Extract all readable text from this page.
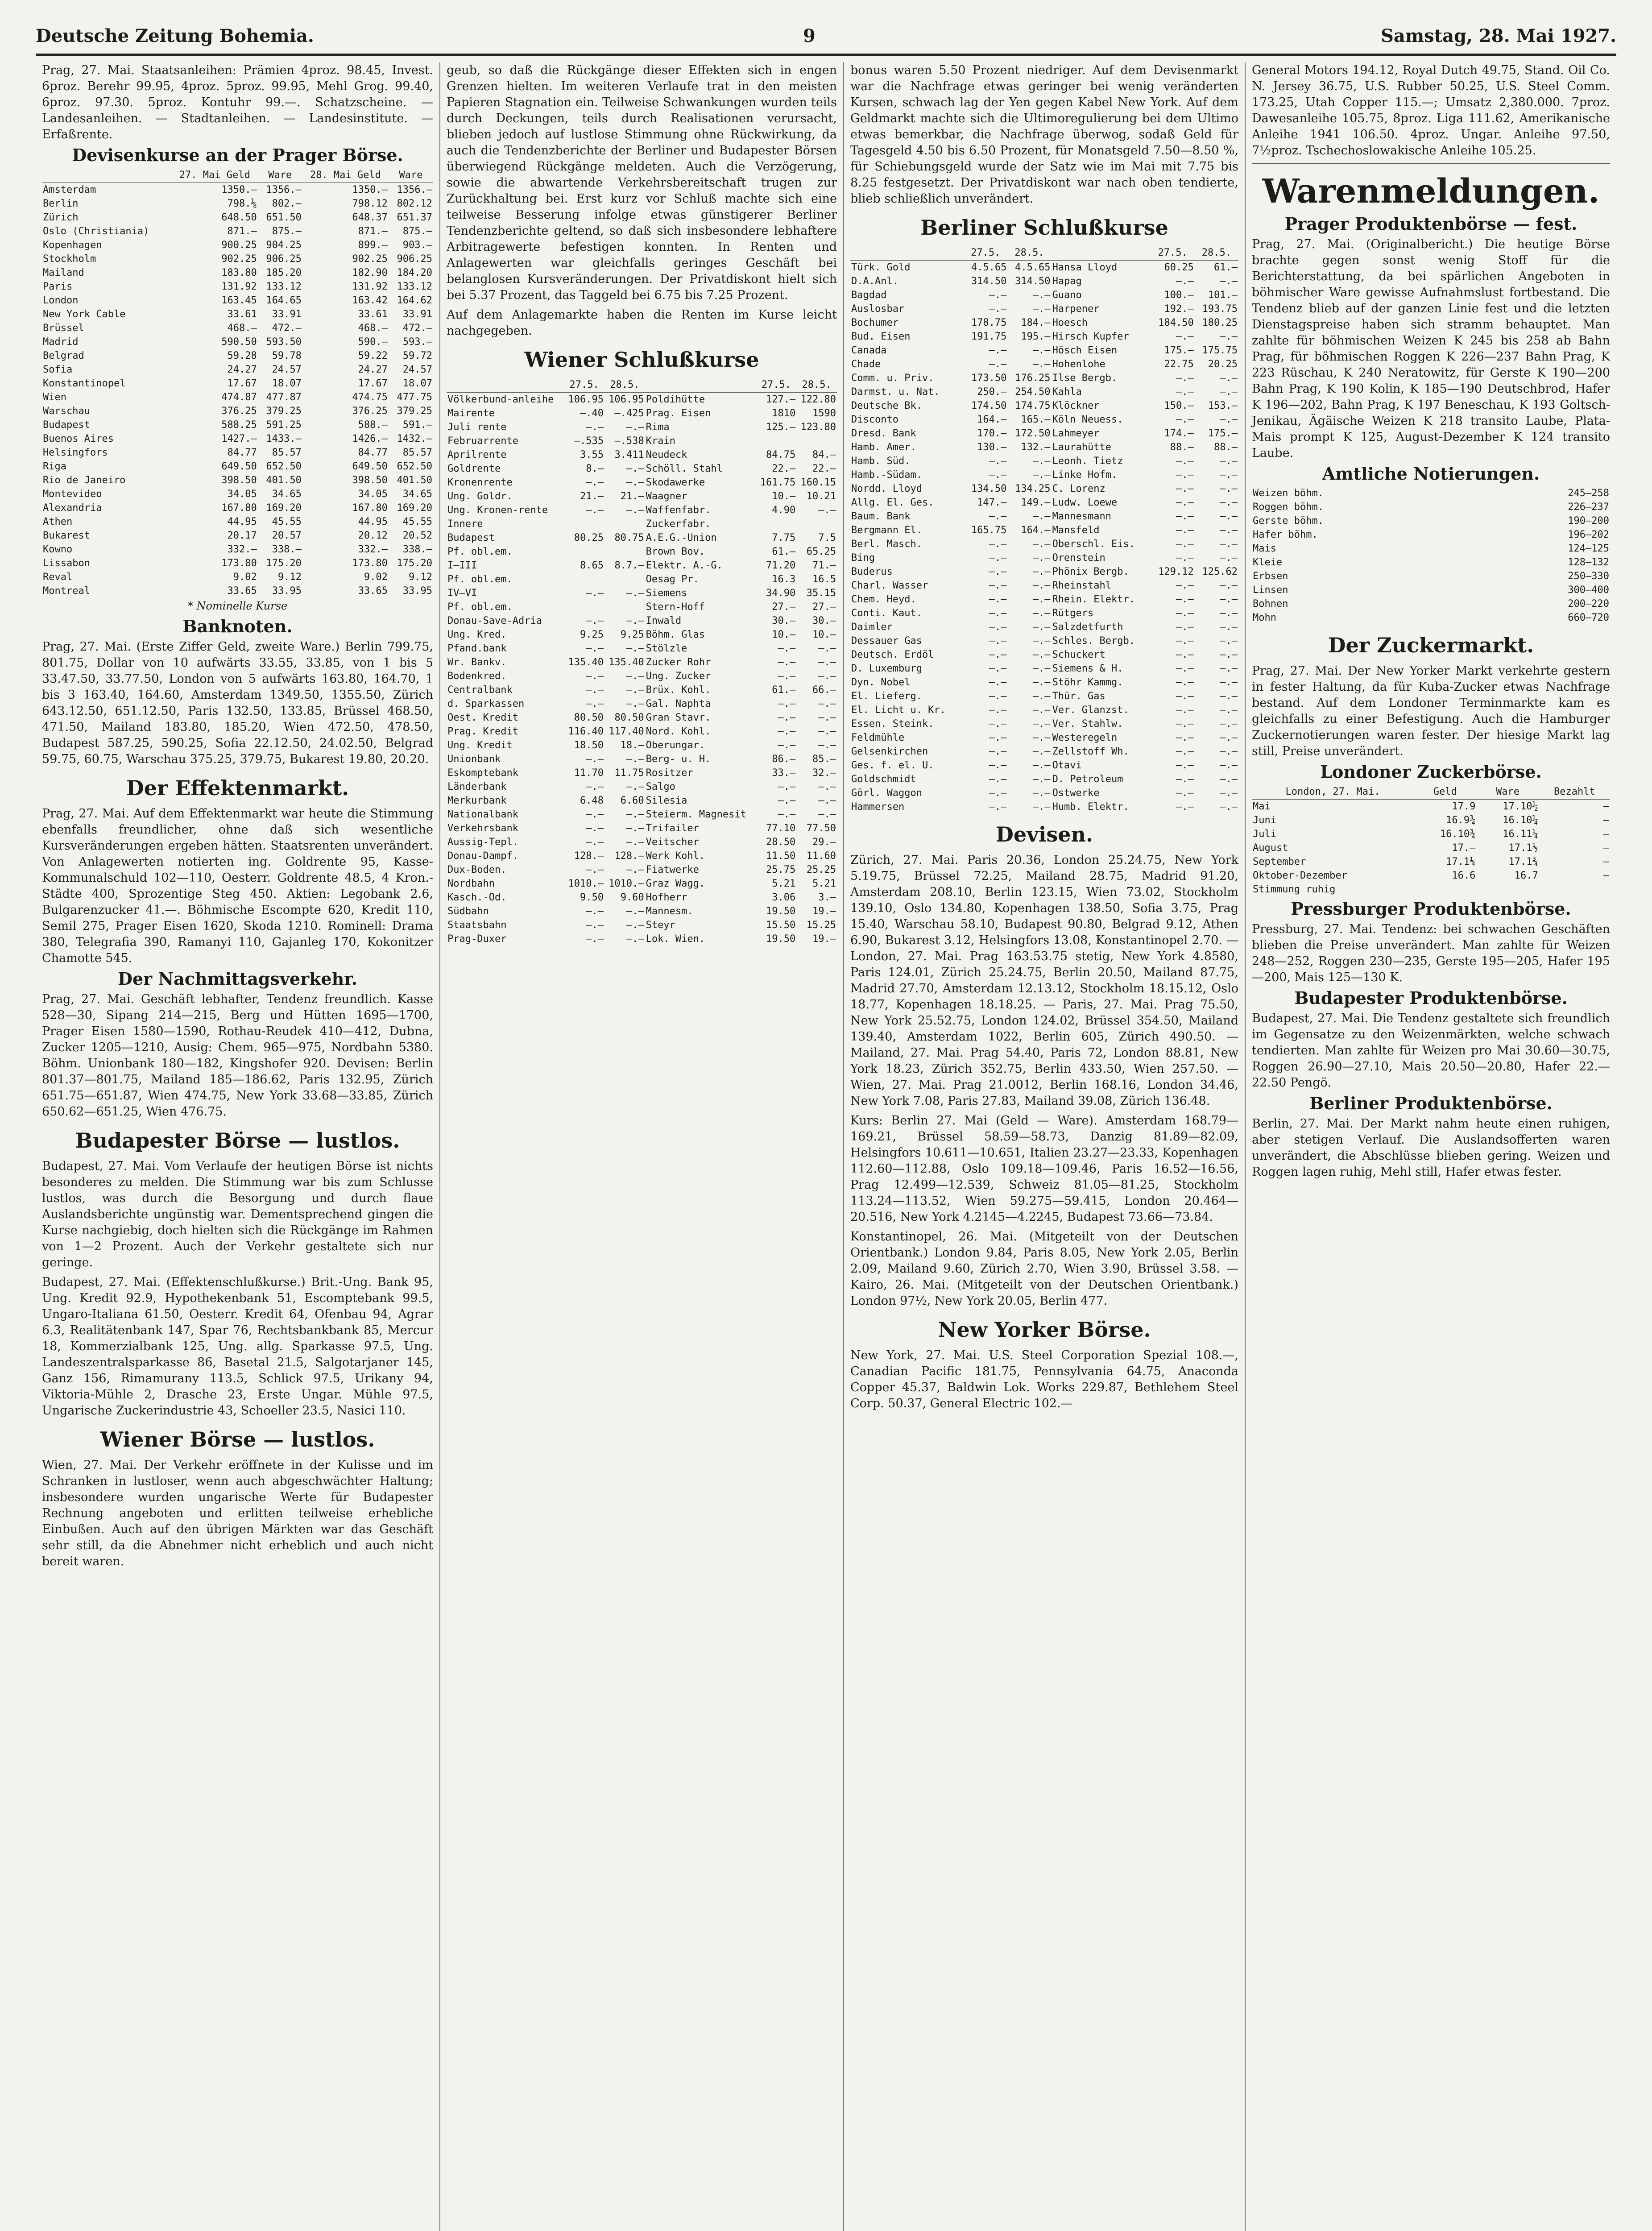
Deutsche Zeitung Bohemia.	9	Samstag, 28. Mai 1927.

Prag, 27. Mai. Staatsanleihen: Prämien 4proz. 98.45, Invest. 6proz. Berehr 99.95, 4proz. 5proz. 99.95, Mehl Grog. 99.40, 6proz. 97.30. 5proz. Kontuhr 99.—. Schatzscheine. — Landesanleihen. — Stadtanleihen. — Landesinstitute. — Erfaßrente.

Devisenkurse an der Prager Börse.
	27. Mai Geld	Ware	28. Mai Geld	Ware
Amsterdam	1350.—	1356.—	1350.—	1356.—
Berlin	798.⅛	802.—	798.12	802.12
Zürich	648.50	651.50	648.37	651.37
Oslo (Christiania)	871.—	875.—	871.—	875.—
Kopenhagen	900.25	904.25	899.—	903.—
Stockholm	902.25	906.25	902.25	906.25
Mailand	183.80	185.20	182.90	184.20
Paris	131.92	133.12	131.92	133.12
London	163.45	164.65	163.42	164.62
New York Cable	33.61	33.91	33.61	33.91
Brüssel	468.—	472.—	468.—	472.—
Madrid	590.50	593.50	590.—	593.—
Belgrad	59.28	59.78	59.22	59.72
Sofia	24.27	24.57	24.27	24.57
Konstantinopel	17.67	18.07	17.67	18.07
Wien	474.87	477.87	474.75	477.75
Warschau	376.25	379.25	376.25	379.25
Budapest	588.25	591.25	588.—	591.—
Buenos Aires	1427.—	1433.—	1426.—	1432.—
Helsingfors	84.77	85.57	84.77	85.57
Riga	649.50	652.50	649.50	652.50
Rio de Janeiro	398.50	401.50	398.50	401.50
Montevideo	34.05	34.65	34.05	34.65
Alexandria	167.80	169.20	167.80	169.20
Athen	44.95	45.55	44.95	45.55
Bukarest	20.17	20.57	20.12	20.52
Kowno	332.—	338.—	332.—	338.—
Lissabon	173.80	175.20	173.80	175.20
Reval	9.02	9.12	9.02	9.12
Montreal	33.65	33.95	33.65	33.95
* Nominelle Kurse
Banknoten.

Prag, 27. Mai. (Erste Ziffer Geld, zweite Ware.) Berlin 799.75, 801.75, Dollar von 10 aufwärts 33.55, 33.85, von 1 bis 5 33.47.50, 33.77.50, London von 5 aufwärts 163.80, 164.70, 1 bis 3 163.40, 164.60, Amsterdam 1349.50, 1355.50, Zürich 643.12.50, 651.12.50, Paris 132.50, 133.85, Brüssel 468.50, 471.50, Mailand 183.80, 185.20, Wien 472.50, 478.50, Budapest 587.25, 590.25, Sofia 22.12.50, 24.02.50, Belgrad 59.75, 60.75, Warschau 375.25, 379.75, Bukarest 19.80, 20.20.

Der Effektenmarkt.

Prag, 27. Mai. Auf dem Effektenmarkt war heute die Stimmung ebenfalls freundlicher, ohne daß sich wesentliche Kursveränderungen ergeben hätten. Staatsrenten unverändert. Von Anlagewerten notierten ing. Goldrente 95, Kasse-Kommunalschuld 102—110, Oesterr. Goldrente 48.5, 4 Kron.-Städte 400, Sprozentige Steg 450. Aktien: Legobank 2.6, Bulgarenzucker 41.—. Böhmische Escompte 620, Kredit 110, Semil 275, Prager Eisen 1620, Skoda 1210. Rominell: Drama 380, Telegrafia 390, Ramanyi 110, Gajanleg 170, Kokonitzer Chamotte 545.

Der Nachmittagsverkehr.

Prag, 27. Mai. Geschäft lebhafter, Tendenz freundlich. Kasse 528—30, Sipang 214—215, Berg und Hütten 1695—1700, Prager Eisen 1580—1590, Rothau-Reudek 410—412, Dubna, Zucker 1205—1210, Ausig: Chem. 965—975, Nordbahn 5380. Böhm. Unionbank 180—182, Kingshofer 920. Devisen: Berlin 801.37—801.75, Mailand 185—186.62, Paris 132.95, Zürich 651.75—651.87, Wien 474.75, New York 33.68—33.85, Zürich 650.62—651.25, Wien 476.75.

Budapester Börse — lustlos.

Budapest, 27. Mai. Vom Verlaufe der heutigen Börse ist nichts besonderes zu melden. Die Stimmung war bis zum Schlusse lustlos, was durch die Besorgung und durch flaue Auslandsberichte ungünstig war. Dementsprechend gingen die Kurse nachgiebig, doch hielten sich die Rückgänge im Rahmen von 1—2 Prozent. Auch der Verkehr gestaltete sich nur geringe.

Budapest, 27. Mai. (Effektenschlußkurse.) Brit.-Ung. Bank 95, Ung. Kredit 92.9, Hypothekenbank 51, Escomptebank 99.5, Ungaro-Italiana 61.50, Oesterr. Kredit 64, Ofenbau 94, Agrar 6.3, Realitätenbank 147, Spar 76, Rechtsbankbank 85, Mercur 18, Kommerzialbank 125, Ung. allg. Sparkasse 97.5, Ung. Landeszentralsparkasse 86, Basetal 21.5, Salgotarjaner 145, Ganz 156, Rimamurany 113.5, Schlick 97.5, Urikany 94, Viktoria-Mühle 2, Drasche 23, Erste Ungar. Mühle 97.5, Ungarische Zuckerindustrie 43, Schoeller 23.5, Nasici 110.

Wiener Börse — lustlos.

Wien, 27. Mai. Der Verkehr eröffnete in der Kulisse und im Schranken in lustloser, wenn auch abgeschwächter Haltung; insbesondere wurden ungarische Werte für Budapester Rechnung angeboten und erlitten teilweise erhebliche Einbußen. Auch auf den übrigen Märkten war das Geschäft sehr still, da die Abnehmer nicht erheblich und auch nicht bereit waren.

geub, so daß die Rückgänge dieser Effekten sich in engen Grenzen hielten. Im weiteren Verlaufe trat in den meisten Papieren Stagnation ein. Teilweise Schwankungen wurden teils durch Deckungen, teils durch Realisationen verursacht, blieben jedoch auf lustlose Stimmung ohne Rückwirkung, da auch die Tendenzberichte der Berliner und Budapester Börsen überwiegend Rückgänge meldeten. Auch die Verzögerung, sowie die abwartende Verkehrsbereitschaft trugen zur Zurückhaltung bei. Erst kurz vor Schluß machte sich eine teilweise Besserung infolge etwas günstigerer Berliner Tendenzberichte geltend, so daß sich insbesondere lebhaftere Arbitragewerte befestigen konnten. In Renten und Anlagewerten war gleichfalls geringes Geschäft bei belanglosen Kursveränderungen. Der Privatdiskont hielt sich bei 5.37 Prozent, das Taggeld bei 6.75 bis 7.25 Prozent.

Auf dem Anlagemarkte haben die Renten im Kurse leicht nachgegeben.

Wiener Schlußkurse
	27.5.	28.5.		27.5.	28.5.
Völkerbund-anleihe	106.95	106.95	Poldihütte	127.—	122.80
Mairente	—.40	—.425	Prag. Eisen	1810	1590
Juli rente	—.—	—.—	Rima	125.—	123.80
Februarrente	—.535	—.538	Krain		
Aprilrente	3.55	3.411	Neudeck	84.75	84.—
Goldrente	8.—	—.—	Schöll. Stahl	22.—	22.—
Kronenrente	—.—	—.—	Skodawerke	161.75	160.15
Ung. Goldr.	21.—	21.—	Waagner	10.—	10.21
Ung. Kronen-rente	—.—	—.—	Waffenfabr.	4.90	—.—
Innere			Zuckerfabr.		
Budapest	80.25	80.75	A.E.G.-Union	7.75	7.5
Pf. obl.em.			Brown Bov.	61.—	65.25
I—III	8.65	8.7.—	Elektr. A.-G.	71.20	71.—
Pf. obl.em.			Oesag Pr.	16.3	16.5
IV—VI	—.—	—.—	Siemens	34.90	35.15
Pf. obl.em.			Stern-Hoff	27.—	27.—
Donau-Save-Adria	—.—	—.—	Inwald	30.—	30.—
Ung. Kred.	9.25	9.25	Böhm. Glas	10.—	10.—
Pfand.bank	—.—	—.—	Stölzle	—.—	—.—
Wr. Bankv.	135.40	135.40	Zucker Rohr	—.—	—.—
Bodenkred.	—.—	—.—	Ung. Zucker	—.—	—.—
Centralbank	—.—	—.—	Brüx. Kohl.	61.—	66.—
d. Sparkassen	—.—	—.—	Gal. Naphta	—.—	—.—
Oest. Kredit	80.50	80.50	Gran Stavr.	—.—	—.—
Prag. Kredit	116.40	117.40	Nord. Kohl.	—.—	—.—
Ung. Kredit	18.50	18.—	Oberungar.	—.—	—.—
Unionbank	—.—	—.—	Berg- u. H.	86.—	85.—
Eskomptebank	11.70	11.75	Rositzer	33.—	32.—
Länderbank	—.—	—.—	Salgo	—.—	—.—
Merkurbank	6.48	6.60	Silesia	—.—	—.—
Nationalbank	—.—	—.—	Steierm. Magnesit	—.—	—.—
Verkehrsbank	—.—	—.—	Trifailer	77.10	77.50
Aussig-Tepl.	—.—	—.—	Veitscher	28.50	29.—
Donau-Dampf.	128.—	128.—	Werk Kohl.	11.50	11.60
Dux-Boden.	—.—	—.—	Fiatwerke	25.75	25.25
Nordbahn	1010.—	1010.—	Graz Wagg.	5.21	5.21
Kasch.-Od.	9.50	9.60	Hofherr	3.06	3.—
Südbahn	—.—	—.—	Mannesm.	19.50	19.—
Staatsbahn	—.—	—.—	Steyr	15.50	15.25
Prag-Duxer	—.—	—.—	Lok. Wien.	19.50	19.—

bonus waren 5.50 Prozent niedriger. Auf dem Devisenmarkt war die Nachfrage etwas geringer bei wenig veränderten Kursen, schwach lag der Yen gegen Kabel New York. Auf dem Geldmarkt machte sich die Ultimoregulierung bei dem Ultimo etwas bemerkbar, die Nachfrage überwog, sodaß Geld für Tagesgeld 4.50 bis 6.50 Prozent, für Monatsgeld 7.50—8.50 %, für Schiebungsgeld wurde der Satz wie im Mai mit 7.75 bis 8.25 festgesetzt. Der Privatdiskont war nach oben tendierte, blieb schließlich unverändert.

Berliner Schlußkurse
	27.5.	28.5.		27.5.	28.5.
Türk. Gold	4.5.65	4.5.65	Hansa Lloyd	60.25	61.—
D.A.Anl.	314.50	314.50	Hapag	—.—	—.—
Bagdad	—.—	—.—	Guano	100.—	101.—
Auslosbar	—.—	—.—	Harpener	192.—	193.75
Bochumer	178.75	184.—	Hoesch	184.50	180.25
Bud. Eisen	191.75	195.—	Hirsch Kupfer	—.—	—.—
Canada	—.—	—.—	Hösch Eisen	175.—	175.75
Chade	—.—	—.—	Hohenlohe	22.75	20.25
Comm. u. Priv.	173.50	176.25	Ilse Bergb.	—.—	—.—
Darmst. u. Nat.	250.—	254.50	Kahla	—.—	—.—
Deutsche Bk.	174.50	174.75	Klöckner	150.—	153.—
Disconto	164.—	165.—	Köln Neuess.	—.—	—.—
Dresd. Bank	170.—	172.50	Lahmeyer	174.—	175.—
Hamb. Amer.	130.—	132.—	Laurahütte	88.—	88.—
Hamb. Süd.	—.—	—.—	Leonh. Tietz	—.—	—.—
Hamb.-Südam.	—.—	—.—	Linke Hofm.	—.—	—.—
Nordd. Lloyd	134.50	134.25	C. Lorenz	—.—	—.—
Allg. El. Ges.	147.—	149.—	Ludw. Loewe	—.—	—.—
Baum. Bank	—.—	—.—	Mannesmann	—.—	—.—
Bergmann El.	165.75	164.—	Mansfeld	—.—	—.—
Berl. Masch.	—.—	—.—	Oberschl. Eis.	—.—	—.—
Bing	—.—	—.—	Orenstein	—.—	—.—
Buderus	—.—	—.—	Phönix Bergb.	129.12	125.62
Charl. Wasser	—.—	—.—	Rheinstahl	—.—	—.—
Chem. Heyd.	—.—	—.—	Rhein. Elektr.	—.—	—.—
Conti. Kaut.	—.—	—.—	Rütgers	—.—	—.—
Daimler	—.—	—.—	Salzdetfurth	—.—	—.—
Dessauer Gas	—.—	—.—	Schles. Bergb.	—.—	—.—
Deutsch. Erdöl	—.—	—.—	Schuckert	—.—	—.—
D. Luxemburg	—.—	—.—	Siemens & H.	—.—	—.—
Dyn. Nobel	—.—	—.—	Stöhr Kammg.	—.—	—.—
El. Lieferg.	—.—	—.—	Thür. Gas	—.—	—.—
El. Licht u. Kr.	—.—	—.—	Ver. Glanzst.	—.—	—.—
Essen. Steink.	—.—	—.—	Ver. Stahlw.	—.—	—.—
Feldmühle	—.—	—.—	Westeregeln	—.—	—.—
Gelsenkirchen	—.—	—.—	Zellstoff Wh.	—.—	—.—
Ges. f. el. U.	—.—	—.—	Otavi	—.—	—.—
Goldschmidt	—.—	—.—	D. Petroleum	—.—	—.—
Görl. Waggon	—.—	—.—	Ostwerke	—.—	—.—
Hammersen	—.—	—.—	Humb. Elektr.	—.—	—.—
Devisen.

Zürich, 27. Mai. Paris 20.36, London 25.24.75, New York 5.19.75, Brüssel 72.25, Mailand 28.75, Madrid 91.20, Amsterdam 208.10, Berlin 123.15, Wien 73.02, Stockholm 139.10, Oslo 134.80, Kopenhagen 138.50, Sofia 3.75, Prag 15.40, Warschau 58.10, Budapest 90.80, Belgrad 9.12, Athen 6.90, Bukarest 3.12, Helsingfors 13.08, Konstantinopel 2.70. — London, 27. Mai. Prag 163.53.75 stetig, New York 4.8580, Paris 124.01, Zürich 25.24.75, Berlin 20.50, Mailand 87.75, Madrid 27.70, Amsterdam 12.13.12, Stockholm 18.15.12, Oslo 18.77, Kopenhagen 18.18.25. — Paris, 27. Mai. Prag 75.50, New York 25.52.75, London 124.02, Brüssel 354.50, Mailand 139.40, Amsterdam 1022, Berlin 605, Zürich 490.50. — Mailand, 27. Mai. Prag 54.40, Paris 72, London 88.81, New York 18.23, Zürich 352.75, Berlin 433.50, Wien 257.50. — Wien, 27. Mai. Prag 21.0012, Berlin 168.16, London 34.46, New York 7.08, Paris 27.83, Mailand 39.08, Zürich 136.48.

Kurs: Berlin 27. Mai (Geld — Ware). Amsterdam 168.79—169.21, Brüssel 58.59—58.73, Danzig 81.89—82.09, Helsingfors 10.611—10.651, Italien 23.27—23.33, Kopenhagen 112.60—112.88, Oslo 109.18—109.46, Paris 16.52—16.56, Prag 12.499—12.539, Schweiz 81.05—81.25, Stockholm 113.24—113.52, Wien 59.275—59.415, London 20.464—20.516, New York 4.2145—4.2245, Budapest 73.66—73.84.

Konstantinopel, 26. Mai. (Mitgeteilt von der Deutschen Orientbank.) London 9.84, Paris 8.05, New York 2.05, Berlin 2.09, Mailand 9.60, Zürich 2.70, Wien 3.90, Brüssel 3.58. — Kairo, 26. Mai. (Mitgeteilt von der Deutschen Orientbank.) London 97½, New York 20.05, Berlin 477.

New Yorker Börse.

New York, 27. Mai. U.S. Steel Corporation Spezial 108.—, Canadian Pacific 181.75, Pennsylvania 64.75, Anaconda Copper 45.37, Baldwin Lok. Works 229.87, Bethlehem Steel Corp. 50.37, General Electric 102.—

General Motors 194.12, Royal Dutch 49.75, Stand. Oil Co. N. Jersey 36.75, U.S. Rubber 50.25, U.S. Steel Comm. 173.25, Utah Copper 115.—; Umsatz 2,380.000. 7proz. Dawesanleihe 105.75, 8proz. Liga 111.62, Amerikanische Anleihe 1941 106.50. 4proz. Ungar. Anleihe 97.50, 7½proz. Tschechoslowakische Anleihe 105.25.

Warenmeldungen.
Prager Produktenbörse — fest.

Prag, 27. Mai. (Originalbericht.) Die heutige Börse brachte gegen sonst wenig Stoff für die Berichterstattung, da bei spärlichen Angeboten in böhmischer Ware gewisse Aufnahmslust fortbestand. Die Tendenz blieb auf der ganzen Linie fest und die letzten Dienstagspreise haben sich stramm behauptet. Man zahlte für böhmischen Weizen K 245 bis 258 ab Bahn Prag, für böhmischen Roggen K 226—237 Bahn Prag, K 223 Rüschau, K 240 Neratowitz, für Gerste K 190—200 Bahn Prag, K 190 Kolin, K 185—190 Deutschbrod, Hafer K 196—202, Bahn Prag, K 197 Beneschau, K 193 Goltsch-Jenikau, Ägäische Weizen K 218 transito Laube, Plata-Mais prompt K 125, August-Dezember K 124 transito Laube.

Amtliche Notierungen.
Weizen böhm.	245—258
Roggen böhm.	226—237
Gerste böhm.	190—200
Hafer böhm.	196—202
Mais	124—125
Kleie	128—132
Erbsen	250—330
Linsen	300—400
Bohnen	200—220
Mohn	660—720
Der Zuckermarkt.

Prag, 27. Mai. Der New Yorker Markt verkehrte gestern in fester Haltung, da für Kuba-Zucker etwas Nachfrage bestand. Auf dem Londoner Terminmarkte kam es gleichfalls zu einer Befestigung. Auch die Hamburger Zuckernotierungen waren fester. Der hiesige Markt lag still, Preise unverändert.

Londoner Zuckerbörse.
London, 27. Mai.	Geld	Ware	Bezahlt
Mai	17.9	17.10½	—
Juni	16.9¾	16.10¼	—
Juli	16.10¾	16.11¼	—
August	17.—	17.1½	—
September	17.1¼	17.1¾	—
Oktober-Dezember	16.6	16.7	—
Stimmung ruhig			
Pressburger Produktenbörse.

Pressburg, 27. Mai. Tendenz: bei schwachen Geschäften blieben die Preise unverändert. Man zahlte für Weizen 248—252, Roggen 230—235, Gerste 195—205, Hafer 195—200, Mais 125—130 K.

Budapester Produktenbörse.

Budapest, 27. Mai. Die Tendenz gestaltete sich freundlich im Gegensatze zu den Weizenmärkten, welche schwach tendierten. Man zahlte für Weizen pro Mai 30.60—30.75, Roggen 26.90—27.10, Mais 20.50—20.80, Hafer 22.—22.50 Pengö.

Berliner Produktenbörse.

Berlin, 27. Mai. Der Markt nahm heute einen ruhigen, aber stetigen Verlauf. Die Auslandsofferten waren unverändert, die Abschlüsse blieben gering. Weizen und Roggen lagen ruhig, Mehl still, Hafer etwas fester.
